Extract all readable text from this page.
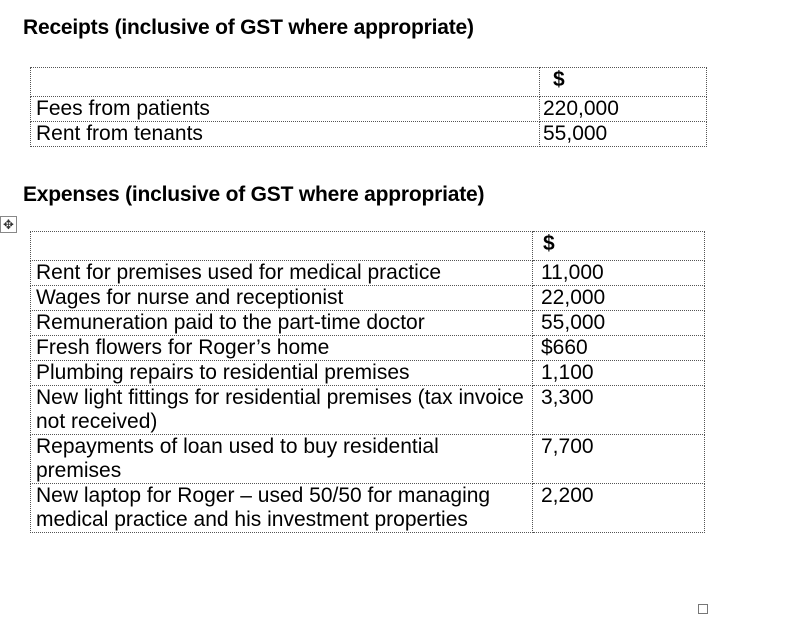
Receipts (inclusive of GST where appropriate)
	$
Fees from patients	220,000
Rent from tenants	55,000
Expenses (inclusive of GST where appropriate)
✥
	$
Rent for premises used for medical practice	11,000
Wages for nurse and receptionist	22,000
Remuneration paid to the part-time doctor	55,000
Fresh flowers for Roger’s home	$660
Plumbing repairs to residential premises	1,100
New light fittings for residential premises (tax invoice not received)	3,300
Repayments of loan used to buy residential premises	7,700
New laptop for Roger – used 50/50 for managing medical practice and his investment properties	2,200
